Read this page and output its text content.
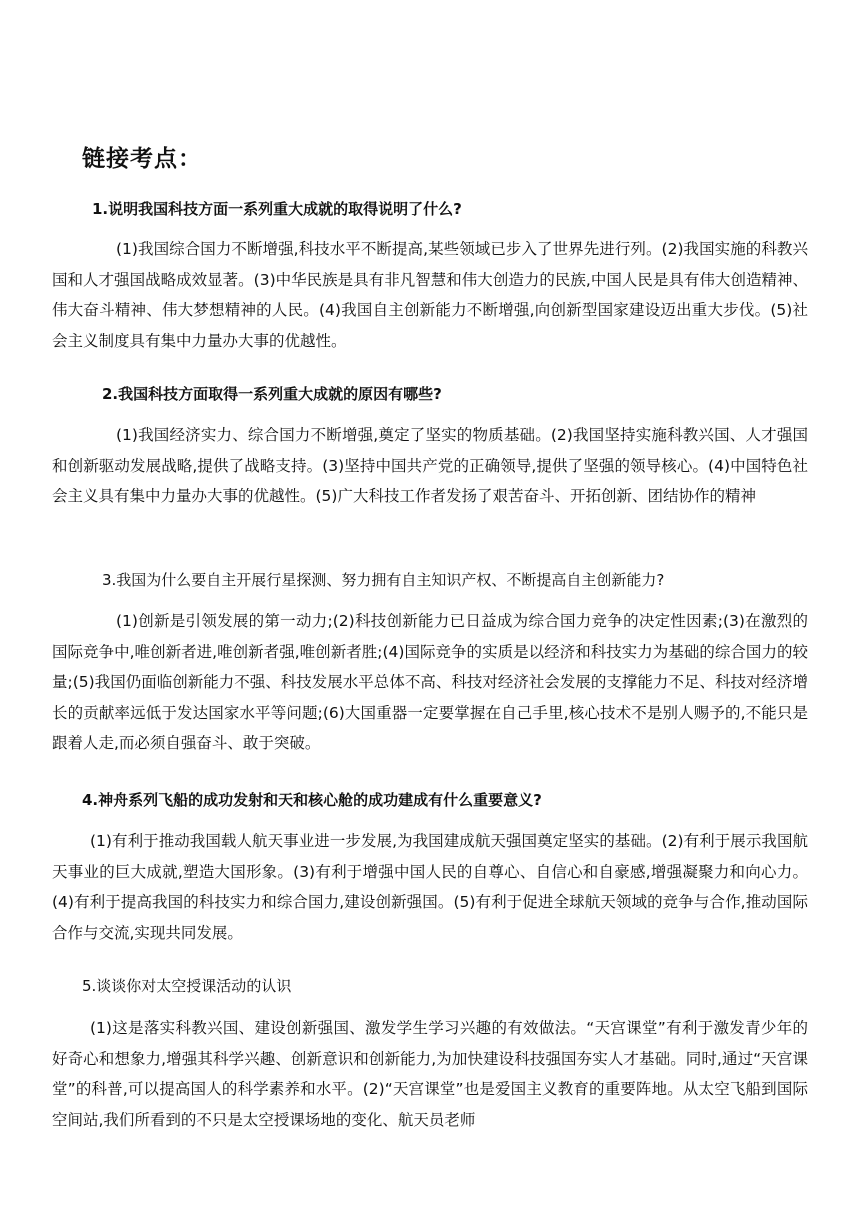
链接考点：

1.说明我国科技方面一系列重大成就的取得说明了什么?

(1)我国综合国力不断增强,科技水平不断提高,某些领域已步入了世界先进行列。(2)我国实施的科教兴国和人才强国战略成效显著。(3)中华民族是具有非凡智慧和伟大创造力的民族,中国人民是具有伟大创造精神、伟大奋斗精神、伟大梦想精神的人民。(4)我国自主创新能力不断增强,向创新型国家建设迈出重大步伐。(5)社会主义制度具有集中力量办大事的优越性。

2.我国科技方面取得一系列重大成就的原因有哪些?

(1)我国经济实力、综合国力不断增强,奠定了坚实的物质基础。(2)我国坚持实施科教兴国、人才强国和创新驱动发展战略,提供了战略支持。(3)坚持中国共产党的正确领导,提供了坚强的领导核心。(4)中国特色社会主义具有集中力量办大事的优越性。(5)广大科技工作者发扬了艰苦奋斗、开拓创新、团结协作的精神

3.我国为什么要自主开展行星探测、努力拥有自主知识产权、不断提高自主创新能力?

(1)创新是引领发展的第一动力;(2)科技创新能力已日益成为综合国力竞争的决定性因素;(3)在激烈的国际竞争中,唯创新者进,唯创新者强,唯创新者胜;(4)国际竞争的实质是以经济和科技实力为基础的综合国力的较量;(5)我国仍面临创新能力不强、科技发展水平总体不高、科技对经济社会发展的支撑能力不足、科技对经济增长的贡献率远低于发达国家水平等问题;(6)大国重器一定要掌握在自己手里,核心技术不是别人赐予的,不能只是跟着人走,而必须自强奋斗、敢于突破。

4.神舟系列飞船的成功发射和天和核心舱的成功建成有什么重要意义?

(1)有利于推动我国载人航天事业进一步发展,为我国建成航天强国奠定坚实的基础。(2)有利于展示我国航天事业的巨大成就,塑造大国形象。(3)有利于增强中国人民的自尊心、自信心和自豪感,增强凝聚力和向心力。(4)有利于提高我国的科技实力和综合国力,建设创新强国。(5)有利于促进全球航天领域的竞争与合作,推动国际合作与交流,实现共同发展。

5.谈谈你对太空授课活动的认识

(1)这是落实科教兴国、建设创新强国、激发学生学习兴趣的有效做法。“天宫课堂”有利于激发青少年的好奇心和想象力,增强其科学兴趣、创新意识和创新能力,为加快建设科技强国夯实人才基础。同时,通过“天宫课堂”的科普,可以提高国人的科学素养和水平。(2)“天宫课堂”也是爱国主义教育的重要阵地。从太空飞船到国际空间站,我们所看到的不只是太空授课场地的变化、航天员老师
